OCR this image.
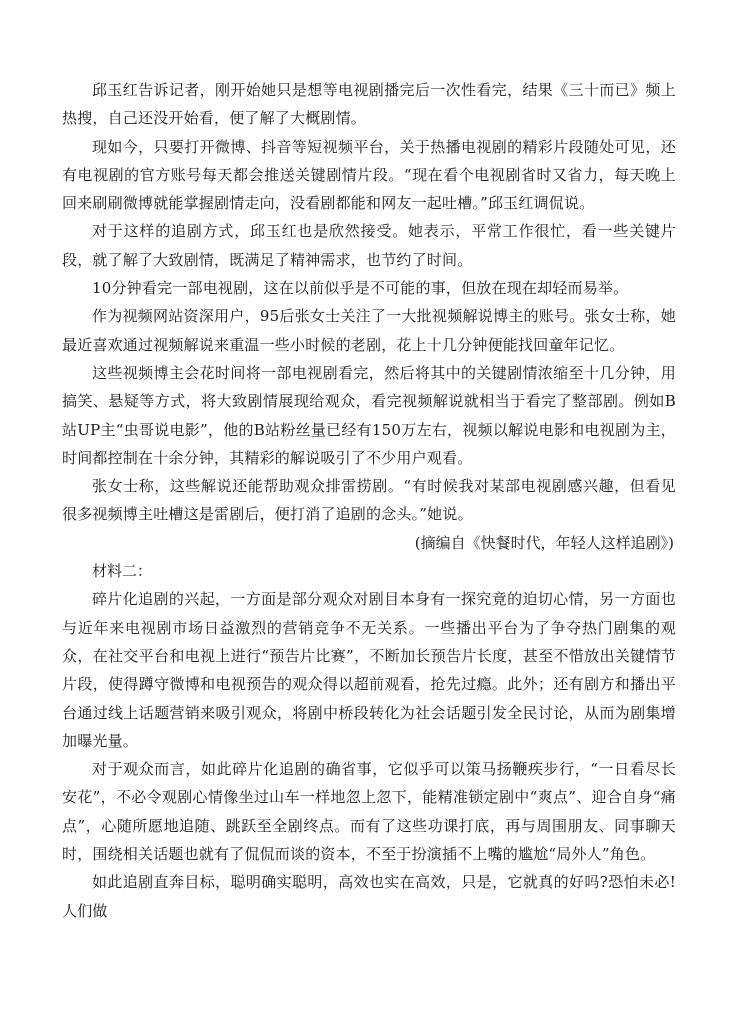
邱玉红告诉记者，刚开始她只是想等电视剧播完后一次性看完，结果《三十而已》频上热搜，自己还没开始看，便了解了大概剧情。

现如今，只要打开微博、抖音等短视频平台，关于热播电视剧的精彩片段随处可见，还有电视剧的官方账号每天都会推送关键剧情片段。“现在看个电视剧省时又省力，每天晚上回来刷刷微博就能掌握剧情走向，没看剧都能和网友一起吐槽。”邱玉红调侃说。

对于这样的追剧方式，邱玉红也是欣然接受。她表示，平常工作很忙，看一些关键片段，就了解了大致剧情，既满足了精神需求，也节约了时间。

10分钟看完一部电视剧，这在以前似乎是不可能的事，但放在现在却轻而易举。

作为视频网站资深用户，95后张女士关注了一大批视频解说博主的账号。张女士称，她最近喜欢通过视频解说来重温一些小时候的老剧，花上十几分钟便能找回童年记忆。

这些视频博主会花时间将一部电视剧看完，然后将其中的关键剧情浓缩至十几分钟，用搞笑、悬疑等方式，将大致剧情展现给观众，看完视频解说就相当于看完了整部剧。例如B站UP主“虫哥说电影”，他的B站粉丝量已经有150万左右，视频以解说电影和电视剧为主，时间都控制在十余分钟，其精彩的解说吸引了不少用户观看。

张女士称，这些解说还能帮助观众排雷捞剧。“有时候我对某部电视剧感兴趣，但看见很多视频博主吐槽这是雷剧后，便打消了追剧的念头。”她说。

(摘编自《快餐时代，年轻人这样追剧》)

材料二：

碎片化追剧的兴起，一方面是部分观众对剧目本身有一探究竟的迫切心情，另一方面也与近年来电视剧市场日益激烈的营销竞争不无关系。一些播出平台为了争夺热门剧集的观众，在社交平台和电视上进行“预告片比赛”，不断加长预告片长度，甚至不惜放出关键情节片段，使得蹲守微博和电视预告的观众得以超前观看，抢先过瘾。此外；还有剧方和播出平台通过线上话题营销来吸引观众，将剧中桥段转化为社会话题引发全民讨论，从而为剧集增加曝光量。

对于观众而言，如此碎片化追剧的确省事，它似乎可以策马扬鞭疾步行，“一日看尽长安花”，不必令观剧心情像坐过山车一样地忽上忽下，能精准锁定剧中“爽点”、迎合自身“痛点”，心随所愿地追随、跳跃至全剧终点。而有了这些功课打底，再与周围朋友、同事聊天时，围绕相关话题也就有了侃侃而谈的资本，不至于扮演插不上嘴的尴尬“局外人”角色。

如此追剧直奔目标，聪明确实聪明，高效也实在高效，只是，它就真的好吗?恐怕未必!人们做
